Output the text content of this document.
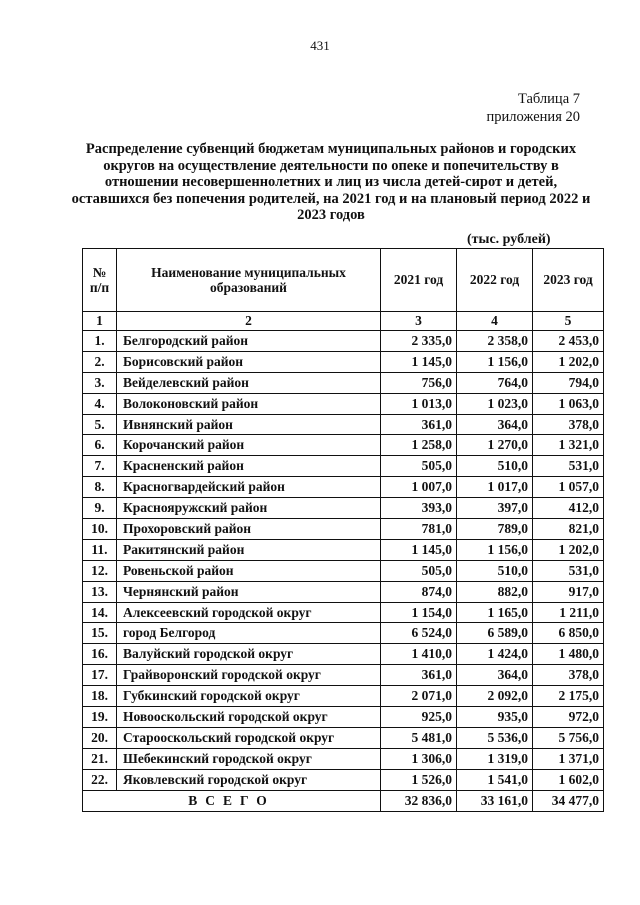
431
Таблица 7
приложения 20
Распределение субвенций бюджетам муниципальных районов и городских округов на осуществление деятельности по опеке и попечительству в отношении несовершеннолетних и лиц из числа детей-сирот и детей, оставшихся без попечения родителей, на 2021 год и на плановый период 2022 и 2023 годов
(тыс. рублей)
№ п/п	Наименование муниципальных образований	2021 год	2022 год	2023 год
1	2	3	4	5
1.	Белгородский район	2 335,0	2 358,0	2 453,0
2.	Борисовский район	1 145,0	1 156,0	1 202,0
3.	Вейделевский район	756,0	764,0	794,0
4.	Волоконовский район	1 013,0	1 023,0	1 063,0
5.	Ивнянский район	361,0	364,0	378,0
6.	Корочанский район	1 258,0	1 270,0	1 321,0
7.	Красненский район	505,0	510,0	531,0
8.	Красногвардейский район	1 007,0	1 017,0	1 057,0
9.	Краснояружский район	393,0	397,0	412,0
10.	Прохоровский район	781,0	789,0	821,0
11.	Ракитянский район	1 145,0	1 156,0	1 202,0
12.	Ровеньской район	505,0	510,0	531,0
13.	Чернянский район	874,0	882,0	917,0
14.	Алексеевский городской округ	1 154,0	1 165,0	1 211,0
15.	город Белгород	6 524,0	6 589,0	6 850,0
16.	Валуйский городской округ	1 410,0	1 424,0	1 480,0
17.	Грайворонский городской округ	361,0	364,0	378,0
18.	Губкинский городской округ	2 071,0	2 092,0	2 175,0
19.	Новооскольский городской округ	925,0	935,0	972,0
20.	Старооскольский городской округ	5 481,0	5 536,0	5 756,0
21.	Шебекинский городской округ	1 306,0	1 319,0	1 371,0
22.	Яковлевский городской округ	1 526,0	1 541,0	1 602,0
ВСЕГО		32 836,0	33 161,0	34 477,0
